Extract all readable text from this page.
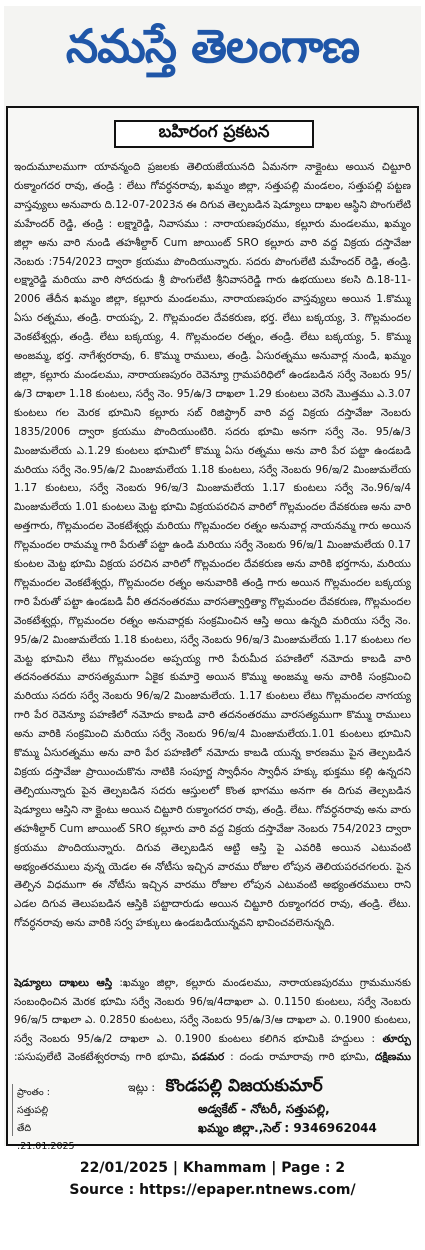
నమస్తే తెలంగాణ
బహిరంగ ప్రకటన

ఇందుమూలముగా యావన్మంది ప్రజలకు తెలియజేయునది ఏమనగా నాక్లైంటు అయిన చిట్టూరి రుక్మాంగదర రావు, తండ్రి : లేటు గోవర్ధనరావు, ఖమ్మం జిల్లా, సత్తుపల్లి మండలం, సత్తుపల్లి పట్టణ వాస్తవ్యులు అనువారు ది.12-07-2023న ఈ దిగువ తెల్పబడిన షెడ్యూలు దాఖల ఆస్థిని పొంగులేటి మహేందర్ రెడ్డి, తండ్రి : లక్ష్మారెడ్డి, నివాసము : నారాయణపురము, కల్లూరు మండలము, ఖమ్మం జిల్లా అను వారి నుండి తహశీల్దార్ Cum జాయింట్ SRO కల్లూరు వారి వద్ద విక్రయ దస్తావేజు నెంబరు :754/2023 ద్వారా క్రయము పొందియున్నారు. సదరు పొంగులేటి మహేందర్ రెడ్డి, తండ్రి. లక్ష్మారెడ్డి మరియు వారి సోదరుడు శ్రీ పొంగులేటి శ్రీనివాసరెడ్డి గారు ఉభయులు కలసి ది.18-11-2006 తేదీన ఖమ్మం జిల్లా, కల్లూరు మండలము, నారాయణపురం వాస్తవ్యులు అయిన 1.కొమ్ము ఏసు రత్నము, తండ్రి. రాయప్ప, 2. గొల్లమందల దేవకరుణ, భర్త. లేటు బక్కయ్య, 3. గొల్లమందల వెంకటేశ్వర్లు, తండ్రి. లేటు బక్కయ్య, 4. గొల్లమందల రత్నం, తండ్రి. లేటు బక్కయ్య, 5. కొమ్ము అంజమ్మ, భర్త. నాగేశ్వరరావు, 6. కొమ్ము రాములు, తండ్రి. ఏసురత్నము అనువార్ల నుండి, ఖమ్మం జిల్లా, కల్లూరు మండలము, నారాయణపురం రెవెన్యూ గ్రామపరిధిలో ఉండబడిన సర్వే నెంబరు 95/ఉ/3 దాఖలా 1.18 కుంటలు, సర్వే నెం. 95/ఉ/3 దాఖలా 1.29 కుంటలు వెరసి మొత్తము ఎ.3.07 కుంటలు గల మెరక భూమిని కల్లూరు సబ్ రిజిస్ట్రార్ వారి వద్ద విక్రయ దస్తావేజు నెంబరు 1835/2006 ద్వారా క్రయము పొందియుంటిరి. సదరు భూమి అనగా సర్వే నెం. 95/ఉ/3 మింజుమలేయ ఎ.1.29 కుంటలు భూమిలో కొమ్ము ఏసు రత్నము అను వారి పేర పట్టా ఉండబడి మరియు సర్వే నెం.95/ఉ/2 మింజుమలేయ 1.18 కుంటలు, సర్వే నెంబరు 96/ఇ/2 మింజుమలేయ 1.17 కుంటలు, సర్వే నెంబరు 96/ఇ/3 మింజుమలేయ 1.17 కుంటలు సర్వే నెం.96/ఇ/4 మింజుమలేయ 1.01 కుంటలు మెట్ట భూమి విక్రయపరచిన వారిలో గొల్లమందల దేవకరుణ అను వారి అత్తగారు, గొల్లమందల వెంకటేశ్వర్లు మరియు గొల్లమందల రత్నం అనువార్ల నాయనమ్మ గారు అయిన గొల్లమందల రామమ్మ గారి పేరుతో పట్టా ఉండి మరియు సర్వే నెంబరు 96/ఇ/1 మింజుమలేయ 0.17 కుంటల మెట్ట భూమి విక్రయ పరచిన వారిలో గొల్లమందల దేవకరుణ అను వారికి భర్తగాను, మరియు గొల్లమందల వెంకటేశ్వర్లు, గొల్లమందల రత్నం అనువారికి తండ్రి గారు అయిన గొల్లమందల బక్కయ్య గారి పేరుతో పట్టా ఉండబడి వీరి తదనంతరము వారసత్వార్తిత్యా గొల్లమందల దేవకరుణ, గొల్లమందల వెంకటేశ్వర్లు, గొల్లమందల రత్నం అనువార్లకు సంక్రమించిన ఆస్తి అయి ఉన్నది మరియు సర్వే నెం. 95/ఉ/2 మింజుమలేయ 1.18 కుంటలు, సర్వే నెంబరు 96/ఇ/3 మింజుమలేయ 1.17 కుంటలు గల మెట్ట భూమిని లేటు గొల్లమందల అప్పయ్య గారి పేరుమీద పహణిలో నమోదు కాబడి వారి తదనంతరము వారసత్యముగా ఏకైక కుమార్తె అయిన కొమ్ము అంజమ్మ అను వారికి సంక్రమించి మరియు సదరు సర్వే నెంబరు 96/ఇ/2 మింజుమలేయ. 1.17 కుంటలు లేటు గొల్లమందల నాగయ్య గారి పేర రెవెన్యూ పహణిలో నమోదు కాబడి వారి తదనంతరము వారసత్యముగా కొమ్ము రాములు అను వారికి సంక్రమించి మరియు సర్వే నెంబరు 96/ఇ/4 మింజుమలేయ.1.01 కుంటలు భూమిని కొమ్ము ఏసురత్నము అను వారి పేర పహణిలో నమోదు కాబడి యున్న కారణము పైన తెల్పబడిన విక్రయ దస్తావేజు ప్రాయించుకొను నాటికి సంపూర్ణ స్వాధీనం స్వాధీన హక్కు భుక్తము కల్గి ఉన్నదని తెల్పియున్నారు పైన తెల్పబడిన సదరు ఆస్తులలో కొంత భాగము అనగా ఈ దిగువ తెల్పబడిన షెడ్యూలు ఆస్తిని నా క్లైంటు అయిన చిట్టూరి రుక్మాంగదర రావు, తండ్రి. లేటు. గోవర్ధనరావు అను వారు తహశీల్దార్ Cum జాయింట్ SRO కల్లూరు వారి వద్ద విక్రయ దస్తావేజు నెంబరు 754/2023 ద్వారా క్రయము పొందియున్నారు. దిగువ తెల్పబడిన ఆట్టి ఆస్తి పై ఎవరికి అయిన ఎటువంటి అభ్యంతరములు వున్న యెడల ఈ నోటీసు ఇచ్చిన వారము రోజుల లోపున తెలియపరచగలరు. పైన తెల్పిన విధముగా ఈ నోటీసు ఇచ్చిన వారము రోజుల లోపున ఎటువంటి అభ్యంతరములు రాని ఎడల దిగువ తెలుపబడిన ఆస్తికి పట్టాదారుడు అయిన చిట్టూరి రుక్మాంగదర రావు, తండ్రి. లేటు. గోవర్ధనరావు అను వారికి సర్వ హక్కులు ఉండబడియున్నవని భావించవలెనున్నది.

షెడ్యూలు దాఖలు ఆస్తి :ఖమ్మం జిల్లా, కల్లూరు మండలము, నారాయణపురము గ్రామమునకు సంబంధించిన మెరక భూమి సర్వే నెంబరు 96/ఇ/4దాఖలా ఎ. 0.1150 కుంటలు, సర్వే నెంబరు 96/ఇ/5 దాఖలా ఎ. 0.2850 కుంటలు, సర్వే నెంబరు 95/ఉ/3/ఆ దాఖలా ఎ. 0.1900 కుంటలు, సర్వే నెంబరు 95/ఉ/2 దాఖలా ఎ. 0.1900 కుంటలు కలిగిన భూమికి హద్దులు : తూర్పు :పసుపులేటి వెంకటేశ్వరరావు గారి భూమి, పడమర : దండు రామారావు గారి భూమి, దక్షిణము
ప్రాంతం : సత్తుపల్లి
తేది :21.01.2025
ఇట్లు : కొండపల్లి విజయకుమార్
అడ్వకేట్ - నోటరీ, సత్తుపల్లి,
ఖమ్మం జిల్లా.,సెల్ : 9346962044
22/01/2025 | Khammam | Page : 2
Source : https://epaper.ntnews.com/
